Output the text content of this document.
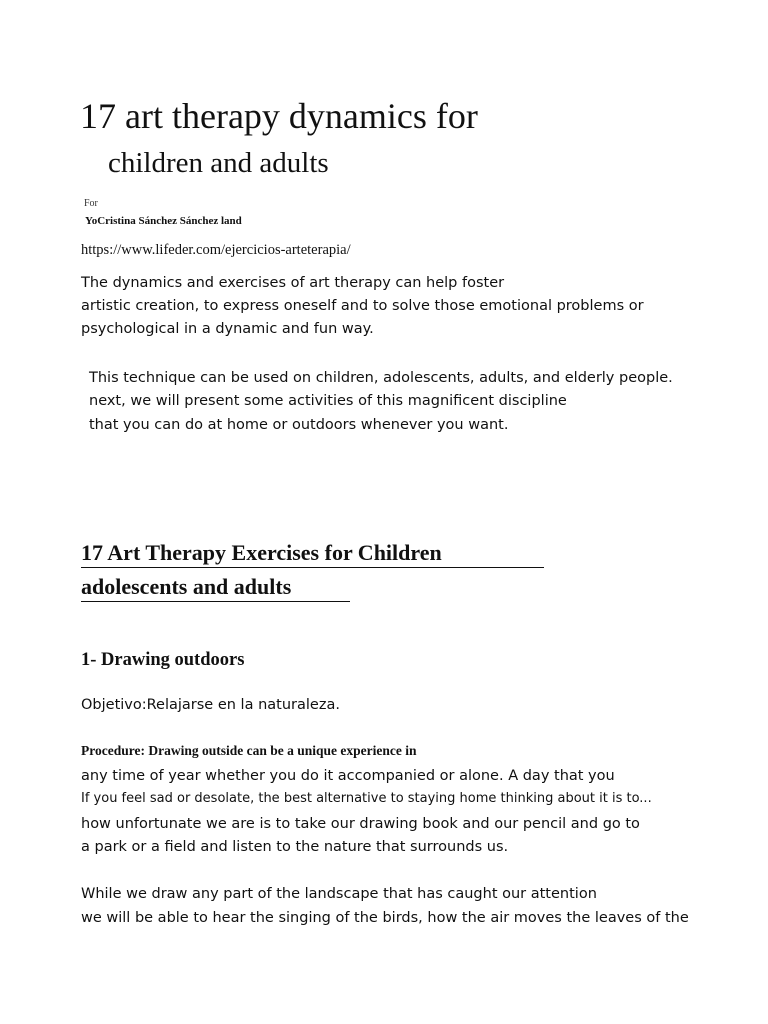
17 art therapy dynamics for
children and adults
For
YoCristina Sánchez Sánchez land
https://www.lifeder.com/ejercicios-arteterapia/
The dynamics and exercises of art therapy can help foster
artistic creation, to express oneself and to solve those emotional problems or
psychological in a dynamic and fun way.
This technique can be used on children, adolescents, adults, and elderly people.
next, we will present some activities of this magnificent discipline
that you can do at home or outdoors whenever you want.
17 Art Therapy Exercises for Children
adolescents and adults
1- Drawing outdoors
Objetivo:Relajarse en la naturaleza.
Procedure: Drawing outside can be a unique experience in
any time of year whether you do it accompanied or alone. A day that you
If you feel sad or desolate, the best alternative to staying home thinking about it is to...
how unfortunate we are is to take our drawing book and our pencil and go to
a park or a field and listen to the nature that surrounds us.
While we draw any part of the landscape that has caught our attention
we will be able to hear the singing of the birds, how the air moves the leaves of the
